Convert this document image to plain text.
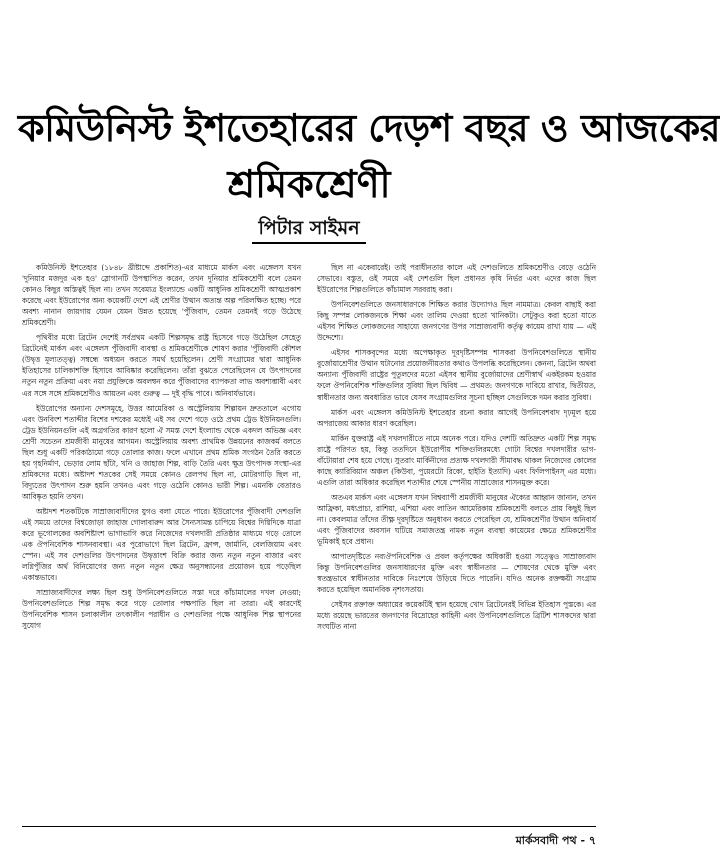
কমিউনিস্ট ইশতেহারের দেড়শ বছর ও আজকের
শ্রমিকশ্রেণী
পিটার সাইমন

কমিউনিস্ট ইশতেহার (১৮৪৮ খ্রীষ্টাব্দে প্রকাশিত)-এর মাধ্যমে মার্কস এবং এঙ্গেলস যখন 'দুনিয়ার মজদুর এক হও' স্লোগানটি উপস্থাপিত করেন, তখন দুনিয়ার শ্রমিকশ্রেণী বলে তেমন কোনও কিছুর অস্তিত্বই ছিল না। তখন সবেমাত্র ইংল্যান্ডে একটি আধুনিক শ্রমিকশ্রেণী আত্মপ্রকাশ করেছে এবং ইউরোপের অন্য কয়েকটি দেশে এই শ্রেণীর উত্থান অত্যন্ত অল্প পরিলক্ষিত হচ্ছে। পরে অবশ্য নানান জায়গায় যেমন যেমন উন্নত হয়েছে 'পুঁজিবাদ, তেমন তেমনই গড়ে উঠেছে শ্রমিকশ্রেণী।

পৃথিবীর মধ্যে ব্রিটেন দেশেই সর্বপ্রথম একটি শিল্পসমৃদ্ধ রাষ্ট্র হিসেবে গড়ে উঠেছিল সেহেতু ব্রিটেনেই মার্কস এবং এঙ্গেলস পুঁজিবাদী ব্যবস্থা ও শ্রমিকশ্রেণীকে শোষণ করার 'পুঁজিবাদী কৌশল (উদ্বৃত্ত মূল্যতত্ত্ব) সম্বন্ধে অধ্যয়ন করতে সমর্থ হয়েছিলেন। শ্রেণী সংগ্রামের দ্বারা আধুনিক ইতিহাসের চালিকাশক্তি হিসাবে আবিষ্কার করেছিলেন। তাঁরা বুঝতে পেরেছিলেন যে উৎপাদনের নতুন নতুন প্রক্রিয়া এবং নয়া প্রযুক্তিকে অবলম্বন করে পুঁজিবাদের ব্যাপকতা লাভ অবশ্যম্ভাবী এবং এর সঙ্গে সঙ্গে শ্রমিকশ্রেণীও আয়তন এবং গুরুত্ব — দুই বৃদ্ধি পাবে। অনিবার্যভাবে।

ইউরোপের অন্যান্য দেশসমূহে, উত্তর আমেরিকা ও অস্ট্রেলিয়ায় শিল্পায়ন দ্রুততালে এগোয় এবং উনবিংশ শতাব্দীর বিশের দশকের মধ্যেই এই সব দেশে গড়ে ওঠে প্রথম ট্রেড ইউনিয়নগুলি। ট্রেড ইউনিয়নগুলি এই অগ্রগতির কারণ হলো ঐ সমস্ত দেশে ইংল্যান্ড থেকে একদল অভিজ্ঞ এবং শ্রেণী সচেতন শ্রমজীবী মানুষের আগমন। অস্ট্রেলিয়ায় অবশ্য প্রাথমিক উন্নয়নের কাজকর্ম বলতে ছিল শুধু একটি পরিকাঠামো গড়ে তোলার কাজ। ফলে এখানে প্রথম শ্রমিক সংগঠন তৈরি করতে হয় গৃহনির্মাণ, ভেড়ার লোম ছাঁটা, খনি ও জাহাজ শিল্প, বাড়ি তৈরি এবং ক্ষুদ্র উৎপাদক সংস্থা-এর শ্রমিকদের মধ্যে। অষ্টাদশ শতকের সেই সময়ে কোনও রেলপথ ছিল না, মোটরগাড়ি ছিল না, বিদ্যুতের উৎপাদন শুরু হয়নি তখনও এবং গড়ে ওঠেনি কোনও ভারী শিল্প। এমনকি বেতারও আবিষ্কৃত হয়নি তখন।

অষ্টাদশ শতকটিকে সাম্রাজ্যবাদীদের যুগও বলা যেতে পারে। ইউরোপের পুঁজিবাদী দেশগুলি এই সময়ে তাদের বিশ্বজোড়া জাহাজ গোলাবারুদ আর সৈন্যসামন্ত চাপিয়ে বিশ্বের দিগ্বিদিকে যাত্রা করে ভূগোলকের অবশিষ্টাংশ ভাগাভাগি করে নিজেদের দখলদারী প্রতিষ্ঠার মাধ্যমে গড়ে তোলে এক ঔপনিবেশিক শাসনব্যবস্থা। এর পুরোভাগে ছিল ব্রিটেন, ফ্রান্স, জার্মানি, বেলজিয়াম এবং স্পেন। এই সব দেশগুলির উৎপাদনের উদ্বৃত্তাংশ বিক্রি করার জন্য নতুন নতুন বাজার এবং লগ্নিপুঁজির অর্থ বিনিয়োগের জন্য নতুন নতুন ক্ষেত্র অনুসন্ধানের প্রয়োজন হয়ে পড়েছিল একান্তভাবে।

সাম্রাজ্যবাদীদের লক্ষ্য ছিল শুধু উপনিবেশগুলিতে সস্তা দরে কাঁচামালের দখল নেওয়া; উপনিবেশগুলিতে শিল্প সমৃদ্ধ করে গড়ে তোলার পক্ষপাতি ছিল না তারা। এই কারণেই উপনিবেশিক শাসন চলাকালীন তৎকালীন পরাধীন ও দেশগুলির পক্ষে আধুনিক শিল্প স্থাপনের সুযোগ

ছিল না একেবারেই। তাই পরাধীনতার কালে এই দেশগুলিতে শ্রমিকশ্রেণীও বেড়ে ওঠেনি সেভাবে। বস্তুত, ওই সময়ে এই দেশগুলি ছিল প্রধানত কৃষি নির্ভর এবং এদের কাজ ছিল ইউরোপের শিল্পগুলিতে কাঁচামাল সরবরাহ করা।

উপনিবেশগুলিতে জনসাধারণকে শিক্ষিত করার উদ্যোগও ছিল নামমাত্র। কেবল বাছাই করা কিছু সম্পন্ন লোকজনকে শিক্ষা এবং তালিম দেওয়া হতো খানিকটা। সেটুকুও করা হতো যাতে এইসব শিক্ষিত লোকজনের সাহায্যে জনগণের উপর সাম্রাজ্যবাদী কর্তৃত্ব কায়েম রাখা যায় — এই উদ্দেশ্যে।

এইসব শাসকবৃন্দের মধ্যে অপেক্ষাকৃত দূরদৃষ্টিসম্পন্ন শাসকরা উপনিবেশগুলিতে স্থানীয় বুর্জোয়াশ্রেণীর উত্থান ঘটানোর প্রয়োজনীয়তার কথাও উপলব্ধি করেছিলেন। কেননা, ব্রিটেন অথবা অন্যান্য পুঁজিবাদী রাষ্ট্রের পুতুলদের মতো এইসব স্থানীয় বুর্জোয়াদের শ্রেণীস্বার্থ একইরকম হওয়ার ফলে ঔপনিবেশিক শক্তিগুলির সুবিধা ছিল দ্বিবিধ — প্রথমত: জনগণকে দাবিয়ে রাখার, দ্বিতীয়ত, স্বাধীনতার জন্য অবধারিত ভাবে যেসব সংগ্রামগুলির সূচনা হচ্ছিল সেগুলিকে দমন করার সুবিধা।

মার্কস এবং এঙ্গেলস কমিউনিস্ট ইশতেহার রচনা করার আগেই উপনিবেশবাদ দৃঢ়মূল হয়ে অপরাজেয় আকার ধারণ করেছিল।

মার্কিন যুক্তরাষ্ট্র এই দখলদারীতে নামে অনেক পরে। যদিও দেশটি অতিদ্রুত একটি শিল্প সমৃদ্ধ রাষ্ট্রে পরিণত হয়, কিন্তু ততদিনে ইউরোপীয় শক্তিগুলিরমধ্যে গোটা বিশ্বের দখলদারীর ভাগ-বাঁটোয়ারা শেষ হয়ে গেছে। সুতরাং মার্কিনীদের প্রত্যক্ষ দখলদারী সীমাবদ্ধ থাকল নিজেদের কোলের কাছে ক্যারিবিয়ান অঞ্চল (কিউবা, পুয়েরটো রিকো, হাইতি ইত্যাদি) এবং ফিলিপাইনস্ এর মধ্যে। এগুলি তারা অধিকার করেছিল শতাব্দীর শেষে স্পেনীয় সাম্রাজ্যের শাসনমুক্ত করে।

অতএব মার্কস এবং এঙ্গেলস যখন বিশ্বব্যাপী শ্রমজীবী মানুষের ঐক্যের আহ্বান জানান, তখন আফ্রিকা, মধ্যপ্রাচ্য, রাশিয়া, এশিয়া এবং লাতিন আমেরিকায় শ্রমিকশ্রেণী বলতে প্রায় কিছুই ছিল না। কেবলমাত্র তাঁদের তীক্ষ্ণ দূরদৃষ্টিতে অনুধাবন করতে পেরেছিল যে, শ্রমিকশ্রেণীর উত্থান অনিবার্য এবং পুঁজিবাদের অবসান ঘটিয়ে সমাজতন্ত্র নামক নতুন ব্যবস্থা কায়েমের ক্ষেত্রে শ্রমিকশ্রেণীর ভূমিকাই হবে প্রধান।

আপাতদৃষ্টিতে নব্যঔপনিবেশিক ও প্রবল কর্তৃপক্ষের অধিকারী হওয়া সত্ত্বেও সাম্রাজ্যবাদ কিন্তু উপনিবেশগুলির জনসাধারণের মুক্তি এবং স্বাধীনতার — শোষণের থেকে মুক্তি এবং স্বতন্ত্রভাবে স্বাধীনতার দাবিকে নিঃশেষে উড়িয়ে দিতে পারেনি। যদিও অনেক রক্তক্ষয়ী সংগ্রাম করতে হয়েছিল অমানবিক নৃশংসতায়।

সেইসব রক্তাক্ত অধ্যায়ের কয়েকটিই স্থান হয়েছে খোদ ব্রিটেনেরই বিভিন্ন ইতিহাস পুস্তকে। এর মধ্যে রয়েছে ভারতের জনগণের বিদ্রোহের কাহিনী এবং উপনিবেশগুলিতে ব্রিটিশ শাসকদের দ্বারা সংঘটিত নানা

মার্কসবাদী পথ - ৭
